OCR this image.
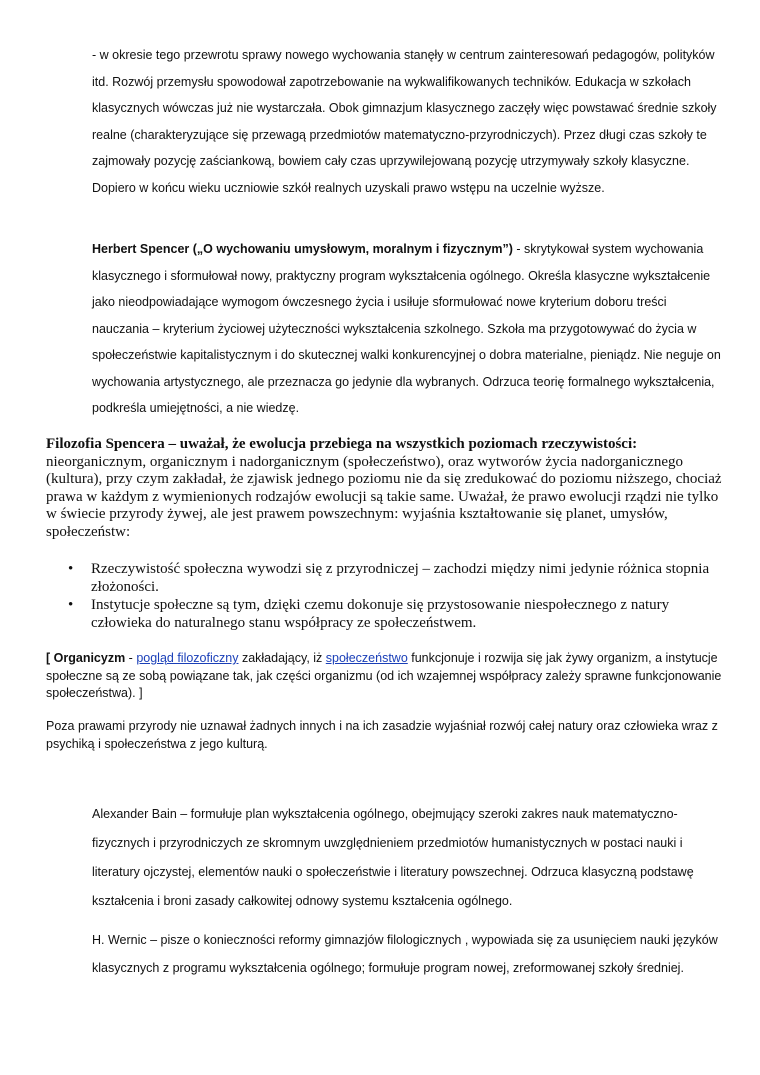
- w okresie tego przewrotu sprawy nowego wychowania stanęły w centrum zainteresowań pedagogów, polityków itd. Rozwój przemysłu spowodował zapotrzebowanie na wykwalifikowanych techników. Edukacja w szkołach klasycznych wówczas już nie wystarczała. Obok gimnazjum klasycznego zaczęły więc powstawać średnie szkoły realne (charakteryzujące się przewagą przedmiotów matematyczno-przyrodniczych). Przez długi czas szkoły te zajmowały pozycję zaściankową, bowiem cały czas uprzywilejowaną pozycję utrzymywały szkoły klasyczne. Dopiero w końcu wieku uczniowie szkół realnych uzyskali prawo wstępu na uczelnie wyższe.

Herbert Spencer („O wychowaniu umysłowym, moralnym i fizycznym”) - skrytykował system wychowania klasycznego i sformułował nowy, praktyczny program wykształcenia ogólnego. Określa klasyczne wykształcenie jako nieodpowiadające wymogom ówczesnego życia i usiłuje sformułować nowe kryterium doboru treści nauczania – kryterium życiowej użyteczności wykształcenia szkolnego. Szkoła ma przygotowywać do życia w społeczeństwie kapitalistycznym i do skutecznej walki konkurencyjnej o dobra materialne, pieniądz. Nie neguje on wychowania artystycznego, ale przeznacza go jedynie dla wybranych. Odrzuca teorię formalnego wykształcenia, podkreśla umiejętności, a nie wiedzę.

Filozofia Spencera – uważał, że ewolucja przebiega na wszystkich poziomach rzeczywistości: nieorganicznym, organicznym i nadorganicznym (społeczeństwo), oraz wytworów życia nadorganicznego (kultura), przy czym zakładał, że zjawisk jednego poziomu nie da się zredukować do poziomu niższego, chociaż prawa w każdym z wymienionych rodzajów ewolucji są takie same. Uważał, że prawo ewolucji rządzi nie tylko w świecie przyrody żywej, ale jest prawem powszechnym: wyjaśnia kształtowanie się planet, umysłów, społeczeństw:

• Rzeczywistość społeczna wywodzi się z przyrodniczej – zachodzi między nimi jedynie różnica stopnia złożoności.
• Instytucje społeczne są tym, dzięki czemu dokonuje się przystosowanie niespołecznego z natury człowieka do naturalnego stanu współpracy ze społeczeństwem.

[ Organicyzm - pogląd filozoficzny zakładający, iż społeczeństwo funkcjonuje i rozwija się jak żywy organizm, a instytucje społeczne są ze sobą powiązane tak, jak części organizmu (od ich wzajemnej współpracy zależy sprawne funkcjonowanie społeczeństwa). ]

Poza prawami przyrody nie uznawał żadnych innych i na ich zasadzie wyjaśniał rozwój całej natury oraz człowieka wraz z psychiką i społeczeństwa z jego kulturą.

Alexander Bain – formułuje plan wykształcenia ogólnego, obejmujący szeroki zakres nauk matematyczno-fizycznych i przyrodniczych ze skromnym uwzględnieniem przedmiotów humanistycznych w postaci nauki i literatury ojczystej, elementów nauki o społeczeństwie i literatury powszechnej. Odrzuca klasyczną podstawę kształcenia i broni zasady całkowitej odnowy systemu kształcenia ogólnego.

H. Wernic – pisze o konieczności reformy gimnazjów filologicznych , wypowiada się za usunięciem nauki języków klasycznych z programu wykształcenia ogólnego; formułuje program nowej, zreformowanej szkoły średniej.
